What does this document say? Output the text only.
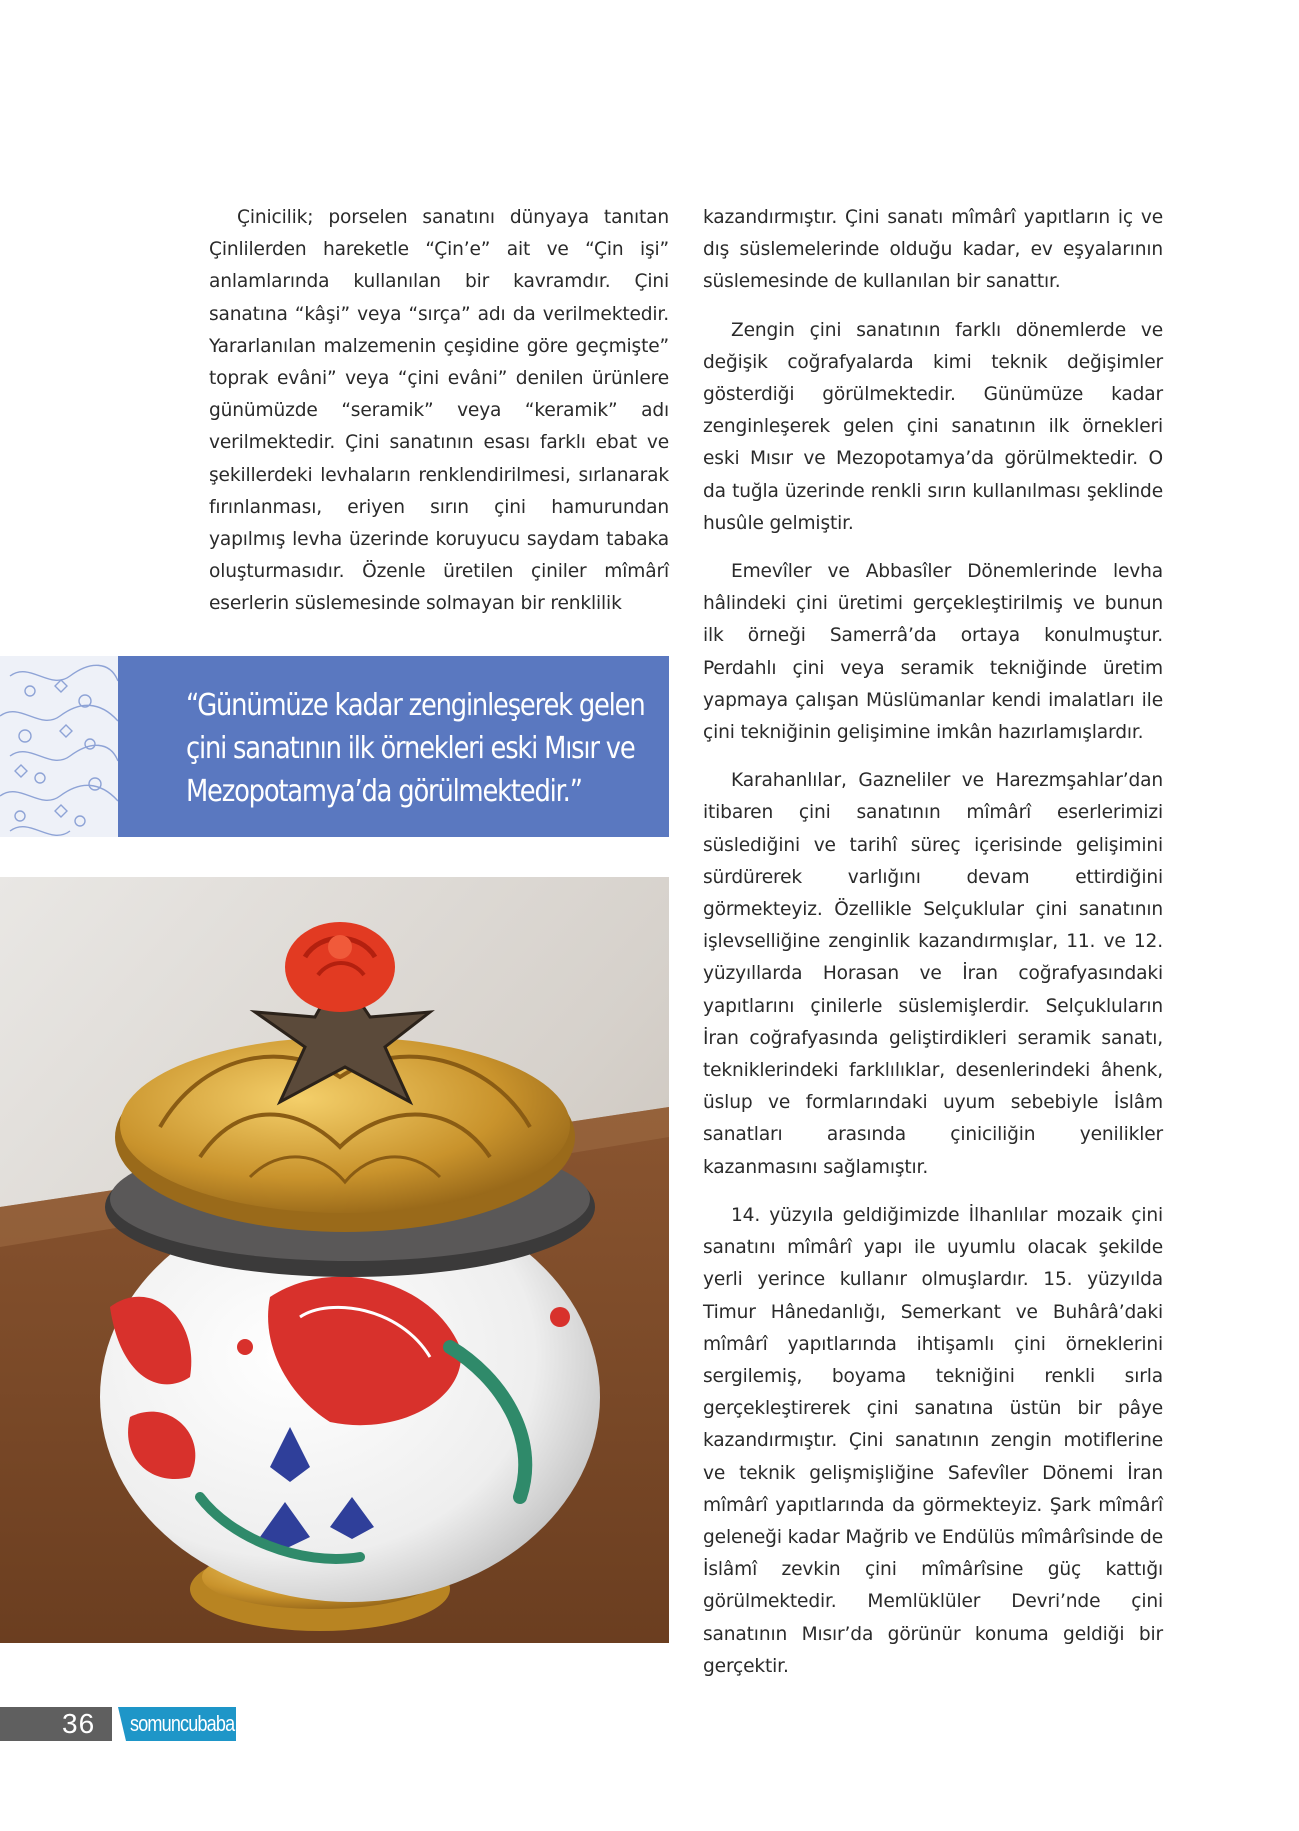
Çinicilik; porselen sanatını dünyaya tanıtan Çinlilerden hareketle “Çin’e” ait ve “Çin işi” anlamlarında kullanılan bir kavramdır. Çini sanatına “kâşi” veya “sırça” adı da verilmektedir. Yararlanılan malzemenin çeşidine göre geçmişte” toprak evâni” veya “çini evâni” denilen ürünlere günümüzde “seramik” veya “keramik” adı verilmektedir. Çini sanatının esası farklı ebat ve şekillerdeki levhaların renklendirilmesi, sırlanarak fırınlanması, eriyen sırın çini hamurundan yapılmış levha üzerinde koruyucu saydam tabaka oluşturmasıdır. Özenle üretilen çiniler mîmârî eserlerin süslemesinde solmayan bir renklilik

kazandırmıştır. Çini sanatı mîmârî yapıtların iç ve dış süslemelerinde olduğu kadar, ev eşyalarının süslemesinde de kullanılan bir sanattır.

Zengin çini sanatının farklı dönemlerde ve değişik coğrafyalarda kimi teknik değişimler gösterdiği görülmektedir. Günümüze kadar zenginleşerek gelen çini sanatının ilk örnekleri eski Mısır ve Mezopotamya’da görülmektedir. O da tuğla üzerinde renkli sırın kullanılması şeklinde husûle gelmiştir.

Emevîler ve Abbasîler Dönemlerinde levha hâlindeki çini üretimi gerçekleştirilmiş ve bunun ilk örneği Samerrâ’da ortaya konulmuştur. Perdahlı çini veya seramik tekniğinde üretim yapmaya çalışan Müslümanlar kendi imalatları ile çini tekniğinin gelişimine imkân hazırlamışlardır.

Karahanlılar, Gazneliler ve Harezmşahlar’dan itibaren çini sanatının mîmârî eserlerimizi süslediğini ve tarihî süreç içerisinde gelişimini sürdürerek varlığını devam ettirdiğini görmekteyiz. Özellikle Selçuklular çini sanatının işlevselliğine zenginlik kazandırmışlar, 11. ve 12. yüzyıllarda Horasan ve İran coğrafyasındaki yapıtlarını çinilerle süslemişlerdir. Selçukluların İran coğrafyasında geliştirdikleri seramik sanatı, tekniklerindeki farklılıklar, desenlerindeki âhenk, üslup ve formlarındaki uyum sebebiyle İslâm sanatları arasında çiniciliğin yenilikler kazanmasını sağlamıştır.

14. yüzyıla geldiğimizde İlhanlılar mozaik çini sanatını mîmârî yapı ile uyumlu olacak şekilde yerli yerince kullanır olmuşlardır. 15. yüzyılda Timur Hânedanlığı, Semerkant ve Buhârâ’daki mîmârî yapıtlarında ihtişamlı çini örneklerini sergilemiş, boyama tekniğini renkli sırla gerçekleştirerek çini sanatına üstün bir pâye kazandırmıştır. Çini sanatının zengin motiflerine ve teknik gelişmişliğine Safevîler Dönemi İran mîmârî yapıtlarında da görmekteyiz. Şark mîmârî geleneği kadar Mağrib ve Endülüs mîmârîsinde de İslâmî zevkin çini mîmârîsine güç kattığı görülmektedir. Memlüklüler Devri’nde çini sanatının Mısır’da görünür konuma geldiği bir gerçektir.

“Günümüze kadar zenginleşerek gelen çini sanatının ilk örnekleri eski Mısır ve Mezopotamya’da görülmektedir.”
36 somuncubaba
